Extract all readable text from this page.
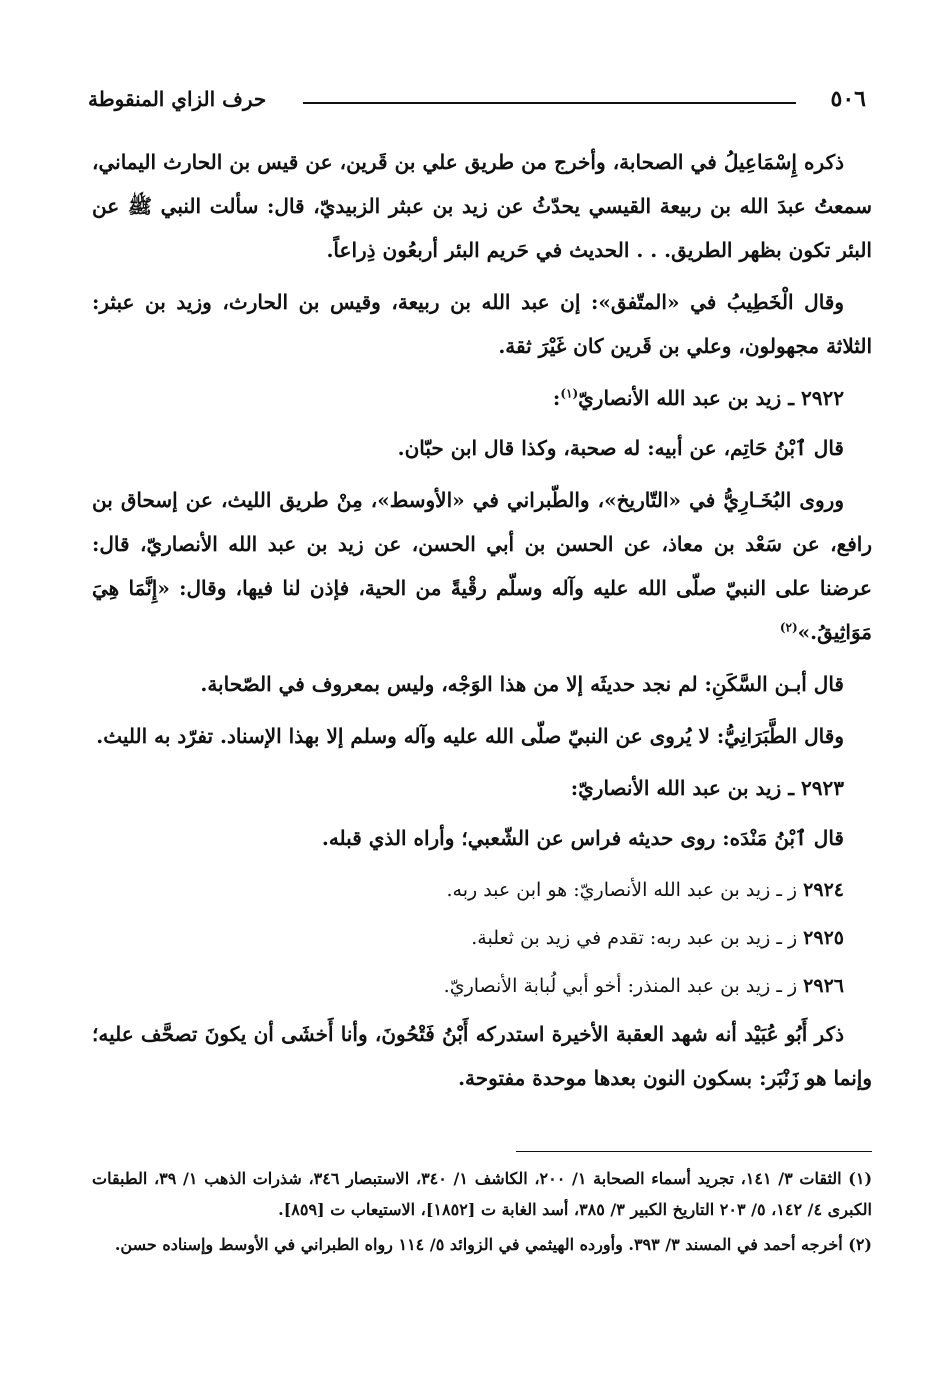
٥٠٦
حرف الزاي المنقوطة

ذكره إِسْمَاعِيلُ في الصحابة، وأخرج من طريق علي بن قَرين، عن قيس بن الحارث اليماني، سمعتُ عبدَ الله بن ربيعة القيسي يحدّثُ عن زيد بن عبثر الزبيديّ، قال: سألت النبي ﷺ عن البئر تكون بظهر الطريق. . . الحديث في حَريم البئر أربعُون ذِراعاً.

وقال الْخَطِيبُ في «المتّفق»: إن عبد الله بن ربيعة، وقيس بن الحارث، وزيد بن عبثر: الثلاثة مجهولون، وعلي بن قَرين كان غَيْرَ ثقة.

٢٩٢٢ ـ زيد بن عبد الله الأنصاريّ$^{(١)}$:

قال ٱبْنُ حَاتِم، عن أبيه: له صحبة، وكذا قال ابن حبّان.

وروى البُخَـارِيُّ في «التّاريخ»، والطّبراني في «الأوسط»، مِنْ طريق الليث، عن إسحاق بن رافع، عن سَعْد بن معاذ، عن الحسن بن أبي الحسن، عن زيد بن عبد الله الأنصاريّ، قال: عرضنا على النبيّ صلّى الله عليه وآله وسلّم رقْيةً من الحية، فإذن لنا فيها، وقال: «إِنَّمَا هِيَ مَوَاثِيقُ.»$^{(٢)}$

قال أبـن السَّكَنِ: لم نجد حديثَه إلا من هذا الوَجْه، وليس بمعروف في الصّحابة.

وقال الطَّبَرَانِيُّ: لا يُروى عن النبيّ صلّى الله عليه وآله وسلم إلا بهذا الإسناد. تفرّد به الليث.

٢٩٢٣ ـ زيد بن عبد الله الأنصاريّ:

قال ٱبْنُ مَنْدَه: روى حديثه فراس عن الشّعبي؛ وأراه الذي قبله.

٢٩٢٤ ز ـ زيد بن عبد الله الأنصاريّ: هو ابن عبد ربه.

٢٩٢٥ ز ـ زيد بن عبد ربه: تقدم في زيد بن ثعلبة.

٢٩٢٦ ز ـ زيد بن عبد المنذر: أخو أبي لُبابة الأنصاريّ.

ذكر أَبُو عُبَيْد أنه شهد العقبة الأخيرة استدركه أَبْنُ فَتْحُونَ، وأنا أَخشَى أن يكونَ تصحَّف عليه؛ وإنما هو زَنْبَر: بسكون النون بعدها موحدة مفتوحة.

(١) الثقات ٣/ ١٤١، تجريد أسماء الصحابة ١/ ٢٠٠، الكاشف ١/ ٣٤٠، الاستبصار ٣٤٦، شذرات الذهب ١/ ٣٩، الطبقات الكبرى ٤/ ١٤٢، ٥/ ٢٠٣ التاريخ الكبير ٣/ ٣٨٥، أسد الغابة ت [١٨٥٢]، الاستيعاب ت [٨٥٩].

(٢) أخرجه أحمد في المسند ٣/ ٣٩٣. وأورده الهيثمي في الزوائد ٥/ ١١٤ رواه الطبراني في الأوسط وإسناده حسن.
